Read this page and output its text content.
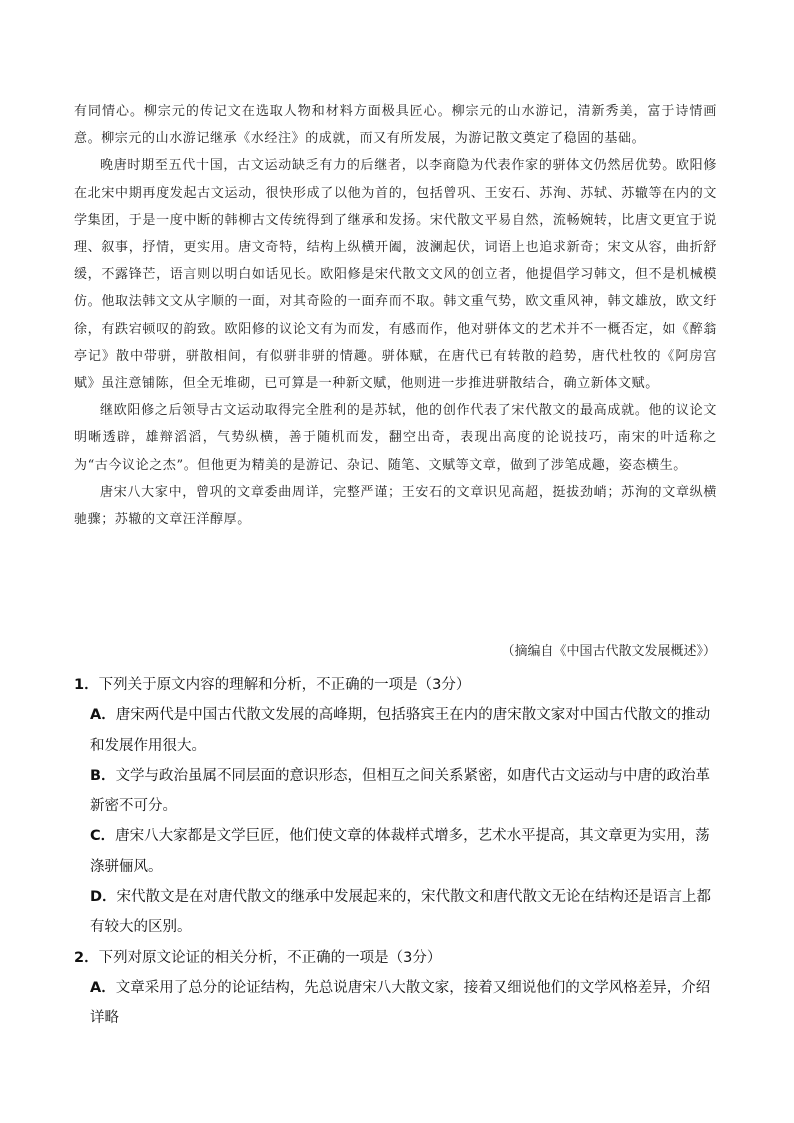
有同情心。柳宗元的传记文在选取人物和材料方面极具匠心。柳宗元的山水游记，清新秀美，富于诗情画意。柳宗元的山水游记继承《水经注》的成就，而又有所发展，为游记散文奠定了稳固的基础。

晚唐时期至五代十国，古文运动缺乏有力的后继者，以李商隐为代表作家的骈体文仍然居优势。欧阳修在北宋中期再度发起古文运动，很快形成了以他为首的，包括曾巩、王安石、苏洵、苏轼、苏辙等在内的文学集团，于是一度中断的韩柳古文传统得到了继承和发扬。宋代散文平易自然，流畅婉转，比唐文更宜于说理、叙事，抒情，更实用。唐文奇特，结构上纵横开阖，波澜起伏，词语上也追求新奇；宋文从容，曲折舒缓，不露锋芒，语言则以明白如话见长。欧阳修是宋代散文文风的创立者，他提倡学习韩文，但不是机械模仿。他取法韩文文从字顺的一面，对其奇险的一面弃而不取。韩文重气势，欧文重风神，韩文雄放，欧文纡徐，有跌宕顿叹的韵致。欧阳修的议论文有为而发，有感而作，他对骈体文的艺术并不一概否定，如《醉翁亭记》散中带骈，骈散相间，有似骈非骈的情趣。骈体赋，在唐代已有转散的趋势，唐代杜牧的《阿房宫赋》虽注意铺陈，但全无堆砌，已可算是一种新文赋，他则进一步推进骈散结合，确立新体文赋。

继欧阳修之后领导古文运动取得完全胜利的是苏轼，他的创作代表了宋代散文的最高成就。他的议论文明晰透辟，雄辩滔滔，气势纵横，善于随机而发，翻空出奇，表现出高度的论说技巧，南宋的叶适称之为“古今议论之杰”。但他更为精美的是游记、杂记、随笔、文赋等文章，做到了涉笔成趣，姿态横生。

唐宋八大家中，曾巩的文章委曲周详，完整严谨；王安石的文章识见高超，挺拔劲峭；苏洵的文章纵横驰骤；苏辙的文章汪洋醇厚。

（摘编自《中国古代散文发展概述》）

1．下列关于原文内容的理解和分析，不正确的一项是（3分）

A．唐宋两代是中国古代散文发展的高峰期，包括骆宾王在内的唐宋散文家对中国古代散文的推动和发展作用很大。

B．文学与政治虽属不同层面的意识形态，但相互之间关系紧密，如唐代古文运动与中唐的政治革新密不可分。

C．唐宋八大家都是文学巨匠，他们使文章的体裁样式增多，艺术水平提高，其文章更为实用，荡涤骈俪风。

D．宋代散文是在对唐代散文的继承中发展起来的，宋代散文和唐代散文无论在结构还是语言上都有较大的区别。

2．下列对原文论证的相关分析，不正确的一项是（3分）

A．文章采用了总分的论证结构，先总说唐宋八大散文家，接着又细说他们的文学风格差异，介绍详略
